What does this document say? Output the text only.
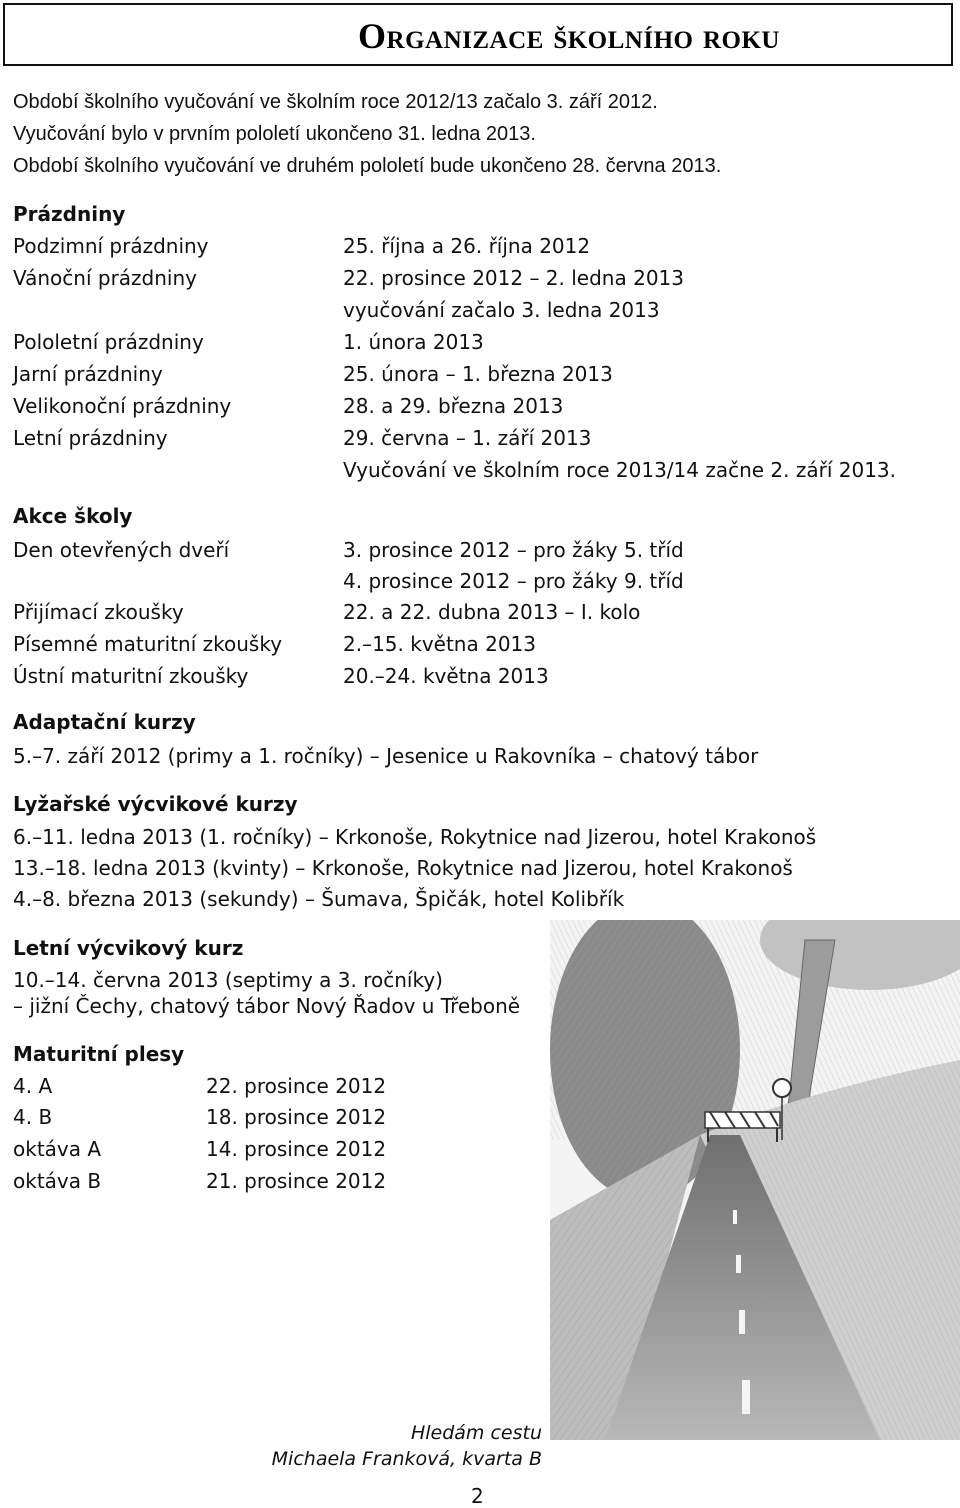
Organizace školního roku
Období školního vyučování ve školním roce 2012/13 začalo 3. září 2012.
Vyučování bylo v prvním pololetí ukončeno 31. ledna 2013.
Období školního vyučování ve druhém pololetí bude ukončeno 28. června 2013.
Prázdniny
Podzimní prázdniny	25. října a 26. října 2012
Vánoční prázdniny	22. prosince 2012 – 2. ledna 2013
vyučování začalo 3. ledna 2013
Pololetní prázdniny	1. února 2013
Jarní prázdniny	25. února – 1. března 2013
Velikonoční prázdniny	28. a 29. března 2013
Letní prázdniny	29. června – 1. září 2013
Vyučování ve školním roce 2013/14 začne 2. září 2013.
Akce školy
Den otevřených dveří	3. prosince 2012 – pro žáky 5. tříd
4. prosince 2012 – pro žáky 9. tříd
Přijímací zkoušky	22. a 22. dubna 2013 – I. kolo
Písemné maturitní zkoušky	2.–15. května 2013
Ústní maturitní zkoušky	20.–24. května 2013
Adaptační kurzy
5.–7. září 2012 (primy a 1. ročníky) – Jesenice u Rakovníka – chatový tábor
Lyžařské výcvikové kurzy
6.–11. ledna 2013 (1. ročníky) – Krkonoše, Rokytnice nad Jizerou, hotel Krakonoš
13.–18. ledna 2013 (kvinty) – Krkonoše, Rokytnice nad Jizerou, hotel Krakonoš
4.–8. března 2013 (sekundy) – Šumava, Špičák, hotel Kolibřík
Letní výcvikový kurz
10.–14. června 2013 (septimy a 3. ročníky)
– jižní Čechy, chatový tábor Nový Řadov u Třeboně
Maturitní plesy
4. A	22. prosince 2012
4. B	18. prosince 2012
oktáva A	14. prosince 2012
oktáva B	21. prosince 2012
Hledám cestu
Michaela Franková, kvarta B
2
